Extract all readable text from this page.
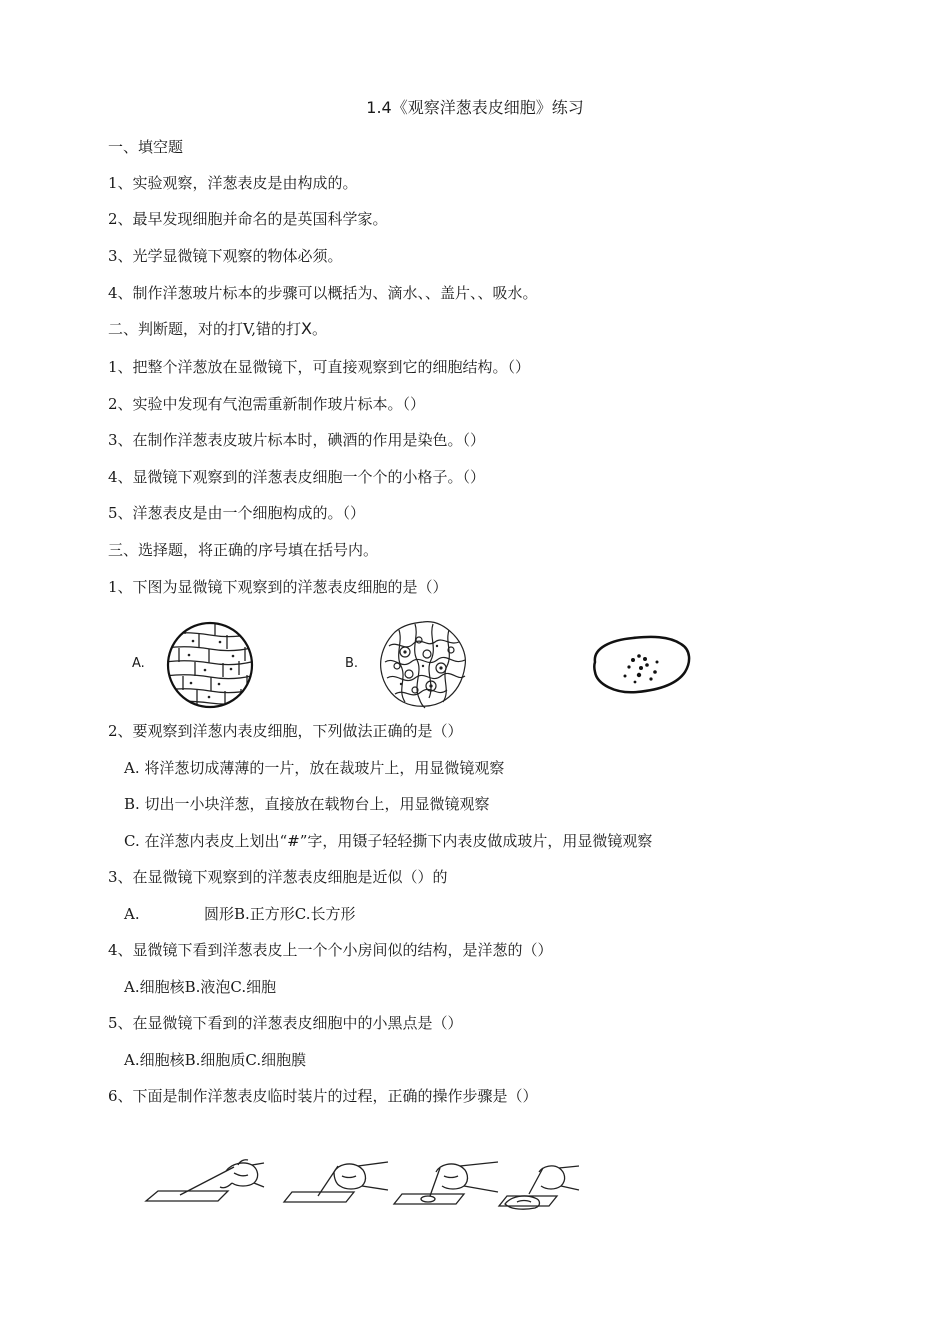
1.4《观察洋葱表皮细胞》练习
一、填空题
1、实验观察，洋葱表皮是由构成的。
2、最早发现细胞并命名的是英国科学家。
3、光学显微镜下观察的物体必须。
4、制作洋葱玻片标本的步骤可以概括为、滴水、、盖片、、吸水。
二、判断题，对的打V,错的打X。
1、把整个洋葱放在显微镜下，可直接观察到它的细胞结构。（）
2、实验中发现有气泡需重新制作玻片标本。（）
3、在制作洋葱表皮玻片标本时，碘酒的作用是染色。（）
4、显微镜下观察到的洋葱表皮细胞一个个的小格子。（）
5、洋葱表皮是由一个细胞构成的。（）
三、选择题，将正确的序号填在括号内。
1、下图为显微镜下观察到的洋葱表皮细胞的是（）
A.	B.
2、要观察到洋葱内表皮细胞，下列做法正确的是（）
A. 将洋葱切成薄薄的一片，放在裁玻片上，用显微镜观察
B. 切出一小块洋葱，直接放在载物台上，用显微镜观察
C. 在洋葱内表皮上划出“#”字，用镊子轻轻撕下内表皮做成玻片，用显微镜观察
3、在显微镜下观察到的洋葱表皮细胞是近似（）的
A.	圆形B.正方形C.长方形
4、显微镜下看到洋葱表皮上一个个小房间似的结构，是洋葱的（）
A.细胞核B.液泡C.细胞
5、在显微镜下看到的洋葱表皮细胞中的小黑点是（）
A.细胞核B.细胞质C.细胞膜
6、下面是制作洋葱表皮临时装片的过程，正确的操作步骤是（）
